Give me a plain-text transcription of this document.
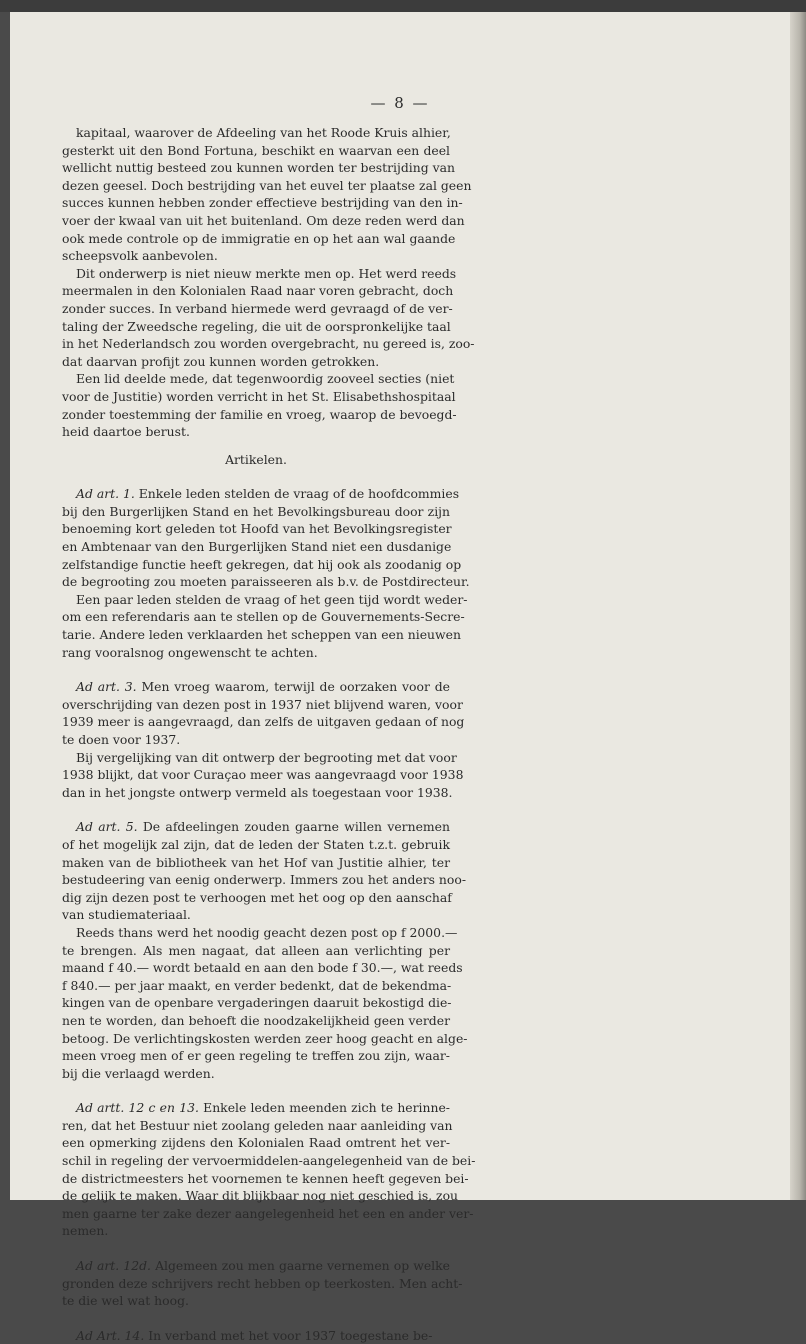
— 8 —
kapitaal, waarover de Afdeeling van het Roode Kruis alhier,
gesterkt uit den Bond Fortuna, beschikt en waarvan een deel
wellicht nuttig besteed zou kunnen worden ter bestrijding van
dezen geesel. Doch bestrijding van het euvel ter plaatse zal geen
succes kunnen hebben zonder effectieve bestrijding van den in-
voer der kwaal van uit het buitenland. Om deze reden werd dan
ook mede controle op de immigratie en op het aan wal gaande
scheepsvolk aanbevolen.
Dit onderwerp is niet nieuw merkte men op. Het werd reeds
meermalen in den Kolonialen Raad naar voren gebracht, doch
zonder succes. In verband hiermede werd gevraagd of de ver-
taling der Zweedsche regeling, die uit de oorspronkelijke taal
in het Nederlandsch zou worden overgebracht, nu gereed is, zoo-
dat daarvan profijt zou kunnen worden getrokken.
Een lid deelde mede, dat tegenwoordig zooveel secties (niet
voor de Justitie) worden verricht in het St. Elisabethshospitaal
zonder toestemming der familie en vroeg, waarop de bevoegd-
heid daartoe berust.
Artikelen.
Ad art. 1. Enkele leden stelden de vraag of de hoofdcommies
bij den Burgerlijken Stand en het Bevolkingsbureau door zijn
benoeming kort geleden tot Hoofd van het Bevolkingsregister
en Ambtenaar van den Burgerlijken Stand niet een dusdanige
zelfstandige functie heeft gekregen, dat hij ook als zoodanig op
de begrooting zou moeten paraisseeren als b.v. de Postdirecteur.
Een paar leden stelden de vraag of het geen tijd wordt weder-
om een referendaris aan te stellen op de Gouvernements-Secre-
tarie. Andere leden verklaarden het scheppen van een nieuwen
rang vooralsnog ongewenscht te achten.
Ad art. 3. Men vroeg waarom, terwijl de oorzaken voor de
overschrijding van dezen post in 1937 niet blijvend waren, voor
1939 meer is aangevraagd, dan zelfs de uitgaven gedaan of nog
te doen voor 1937.
Bij vergelijking van dit ontwerp der begrooting met dat voor
1938 blijkt, dat voor Curaçao meer was aangevraagd voor 1938
dan in het jongste ontwerp vermeld als toegestaan voor 1938.
Ad art. 5. De afdeelingen zouden gaarne willen vernemen
of het mogelijk zal zijn, dat de leden der Staten t.z.t. gebruik
maken van de bibliotheek van het Hof van Justitie alhier, ter
bestudeering van eenig onderwerp. Immers zou het anders noo-
dig zijn dezen post te verhoogen met het oog op den aanschaf
van studiemateriaal.
Reeds thans werd het noodig geacht dezen post op f 2000.—
te brengen. Als men nagaat, dat alleen aan verlichting per
maand f 40.— wordt betaald en aan den bode f 30.—, wat reeds
f 840.— per jaar maakt, en verder bedenkt, dat de bekendma-
kingen van de openbare vergaderingen daaruit bekostigd die-
nen te worden, dan behoeft die noodzakelijkheid geen verder
betoog. De verlichtingskosten werden zeer hoog geacht en alge-
meen vroeg men of er geen regeling te treffen zou zijn, waar-
bij die verlaagd werden.
Ad artt. 12 c en 13. Enkele leden meenden zich te herinne-
ren, dat het Bestuur niet zoolang geleden naar aanleiding van
een opmerking zijdens den Kolonialen Raad omtrent het ver-
schil in regeling der vervoermiddelen-aangelegenheid van de bei-
de districtmeesters het voornemen te kennen heeft gegeven bei-
de gelijk te maken. Waar dit blijkbaar nog niet geschied is, zou
men gaarne ter zake dezer aangelegenheid het een en ander ver-
nemen.
Ad art. 12d. Algemeen zou men gaarne vernemen op welke
gronden deze schrijvers recht hebben op teerkosten. Men acht-
te die wel wat hoog.
Ad Art. 14. In verband met het voor 1937 toegestane be-
